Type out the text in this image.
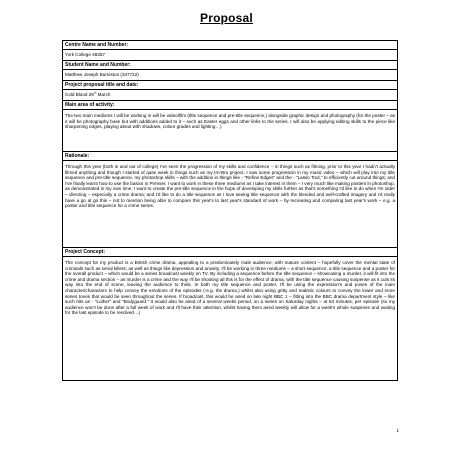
Proposal
Centre Name and Number:
York College 48357
Student Name and Number:
Matthew Joseph Burniston (347722)
Project proposal title and date:
Cold Blood 29th March
Main area of activity:
The two main mediums I will be working in will be video/film (title sequence and pre-title sequence,) alongside graphic design and photography (for the poster – as it will be photography base but with additions added to it – such as Easter eggs and other links to the series. I will also be applying editing skills to the piece like sharpening edges, playing about with shadows, colour grades and lighting…)
Rationale:
Through this year (both in and out of college) I've seen the progression of my skills and confidence – in things such as filming, prior to this year I hadn't actually filmed anything and though I started of quite week in things such as my Irn-Bru project, I saw some progression in my music video – which will play into my title sequence and pre-title sequence, my photoshop skills – with the addition in things like - "Refine Edges" and the - "Lasso Tool," to efficiently cut around things; and I've finally learnt how to use the basics in Premier. I want to work in these three mediums as I take interest in them – I very much like making posters in photoshop, as demonstrated in my own time; I want to create the pre-title sequence in the hope of developing my skills further as that's something I'd like to do when I'm older – directing – especially a crime drama; and I'd like to do a title sequence as I love seeing title sequence with the blended and well-crafted imagery and I'd really have a go at go this – not to mention being able to compare this year's to last year's standard of work – by recreating and comparing last year's work – e.g. a poster and title sequence for a crime series.
Project Concept:
The concept for my product is a British crime drama, appealing to a predominately male audience, with mature content – hopefully cover the mental state of criminals such as serial killers; as well as things like depression and anxiety. I'll be working in three mediums – a short sequence, a title sequence and a poster for the overall product – which would be a series broadcast weekly on TV. By including a sequence before the title sequence – showcasing a murder, it will fit into the crime and drama section – as murder is a crime and the way I'll be shooting all this is for the effect of drama, with the title sequence causing suspense as it cuts its way into the end of scene, leaving the audience to think. In both my title sequence and poster, I'll be using the expression's and poses of the main character/characters to help convey the emotions of the episodes (-e.g. the drama,) whilst also using gritty and realistic colours to convey the lower and more series tones that would be seen throughout the series. If broadcast, this would be aired on late night BBC 1 – fitting into the BBC drama department style – like such hits as - "Luther" and "Bodyguard." It would also be aired of a several weeks period, on a series on Saturday nights – at 54 minutes, per episode (so my audience won't be done after a full week of work and I'll have their attention, whilst having them aired weekly will allow for a week's whole suspense and waiting for the last episode to be resolved…)
1
